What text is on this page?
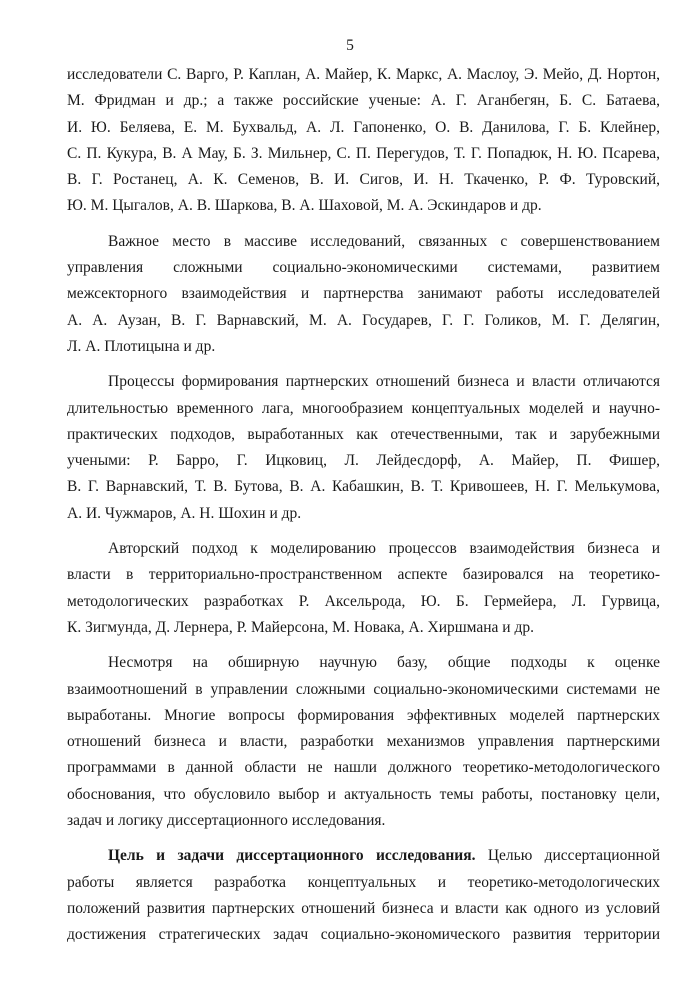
5
исследователи С. Варго, Р. Каплан, А. Майер, К. Маркс, А. Маслоу, Э. Мейо, Д. Нортон,
М. Фридман и др.; а также российские ученые: А. Г. Аганбегян, Б. С. Батаева,
И. Ю. Беляева, Е. М. Бухвальд, А. Л. Гапоненко, О. В. Данилова, Г. Б. Клейнер,
С. П. Кукура, В. А Мау, Б. З. Мильнер, С. П. Перегудов, Т. Г. Попадюк, Н. Ю. Псарева,
В. Г. Ростанец, А. К. Семенов, В. И. Сигов, И. Н. Ткаченко, Р. Ф. Туровский,
Ю. М. Цыгалов, А. В. Шаркова, В. А. Шаховой, М. А. Эскиндаров и др.
Важное место в массиве исследований, связанных с совершенствованием
управления сложными социально-экономическими системами, развитием
межсекторного взаимодействия и партнерства занимают работы исследователей
А. А. Аузан, В. Г. Варнавский, М. А. Государев, Г. Г. Голиков, М. Г. Делягин,
Л. А. Плотицына и др.
Процессы формирования партнерских отношений бизнеса и власти отличаются
длительностью временного лага, многообразием концептуальных моделей и научно-
практических подходов, выработанных как отечественными, так и зарубежными
учеными: Р. Барро, Г. Ицковиц, Л. Лейдесдорф, А. Майер, П. Фишер,
В. Г. Варнавский, Т. В. Бутова, В. А. Кабашкин, В. Т. Кривошеев, Н. Г. Мелькумова,
А. И. Чужмаров, А. Н. Шохин и др.
Авторский подход к моделированию процессов взаимодействия бизнеса и
власти в территориально-пространственном аспекте базировался на теоретико-
методологических разработках Р. Аксельрода, Ю. Б. Гермейера, Л. Гурвица,
К. Зигмунда, Д. Лернера, Р. Майерсона, М. Новака, А. Хиршмана и др.
Несмотря на обширную научную базу, общие подходы к оценке
взаимоотношений в управлении сложными социально-экономическими системами не
выработаны. Многие вопросы формирования эффективных моделей партнерских
отношений бизнеса и власти, разработки механизмов управления партнерскими
программами в данной области не нашли должного теоретико-методологического
обоснования, что обусловило выбор и актуальность темы работы, постановку цели,
задач и логику диссертационного исследования.
Цель и задачи диссертационного исследования. Целью диссертационной
работы является разработка концептуальных и теоретико-методологических
положений развития партнерских отношений бизнеса и власти как одного из условий
достижения стратегических задач социально-экономического развития территории
